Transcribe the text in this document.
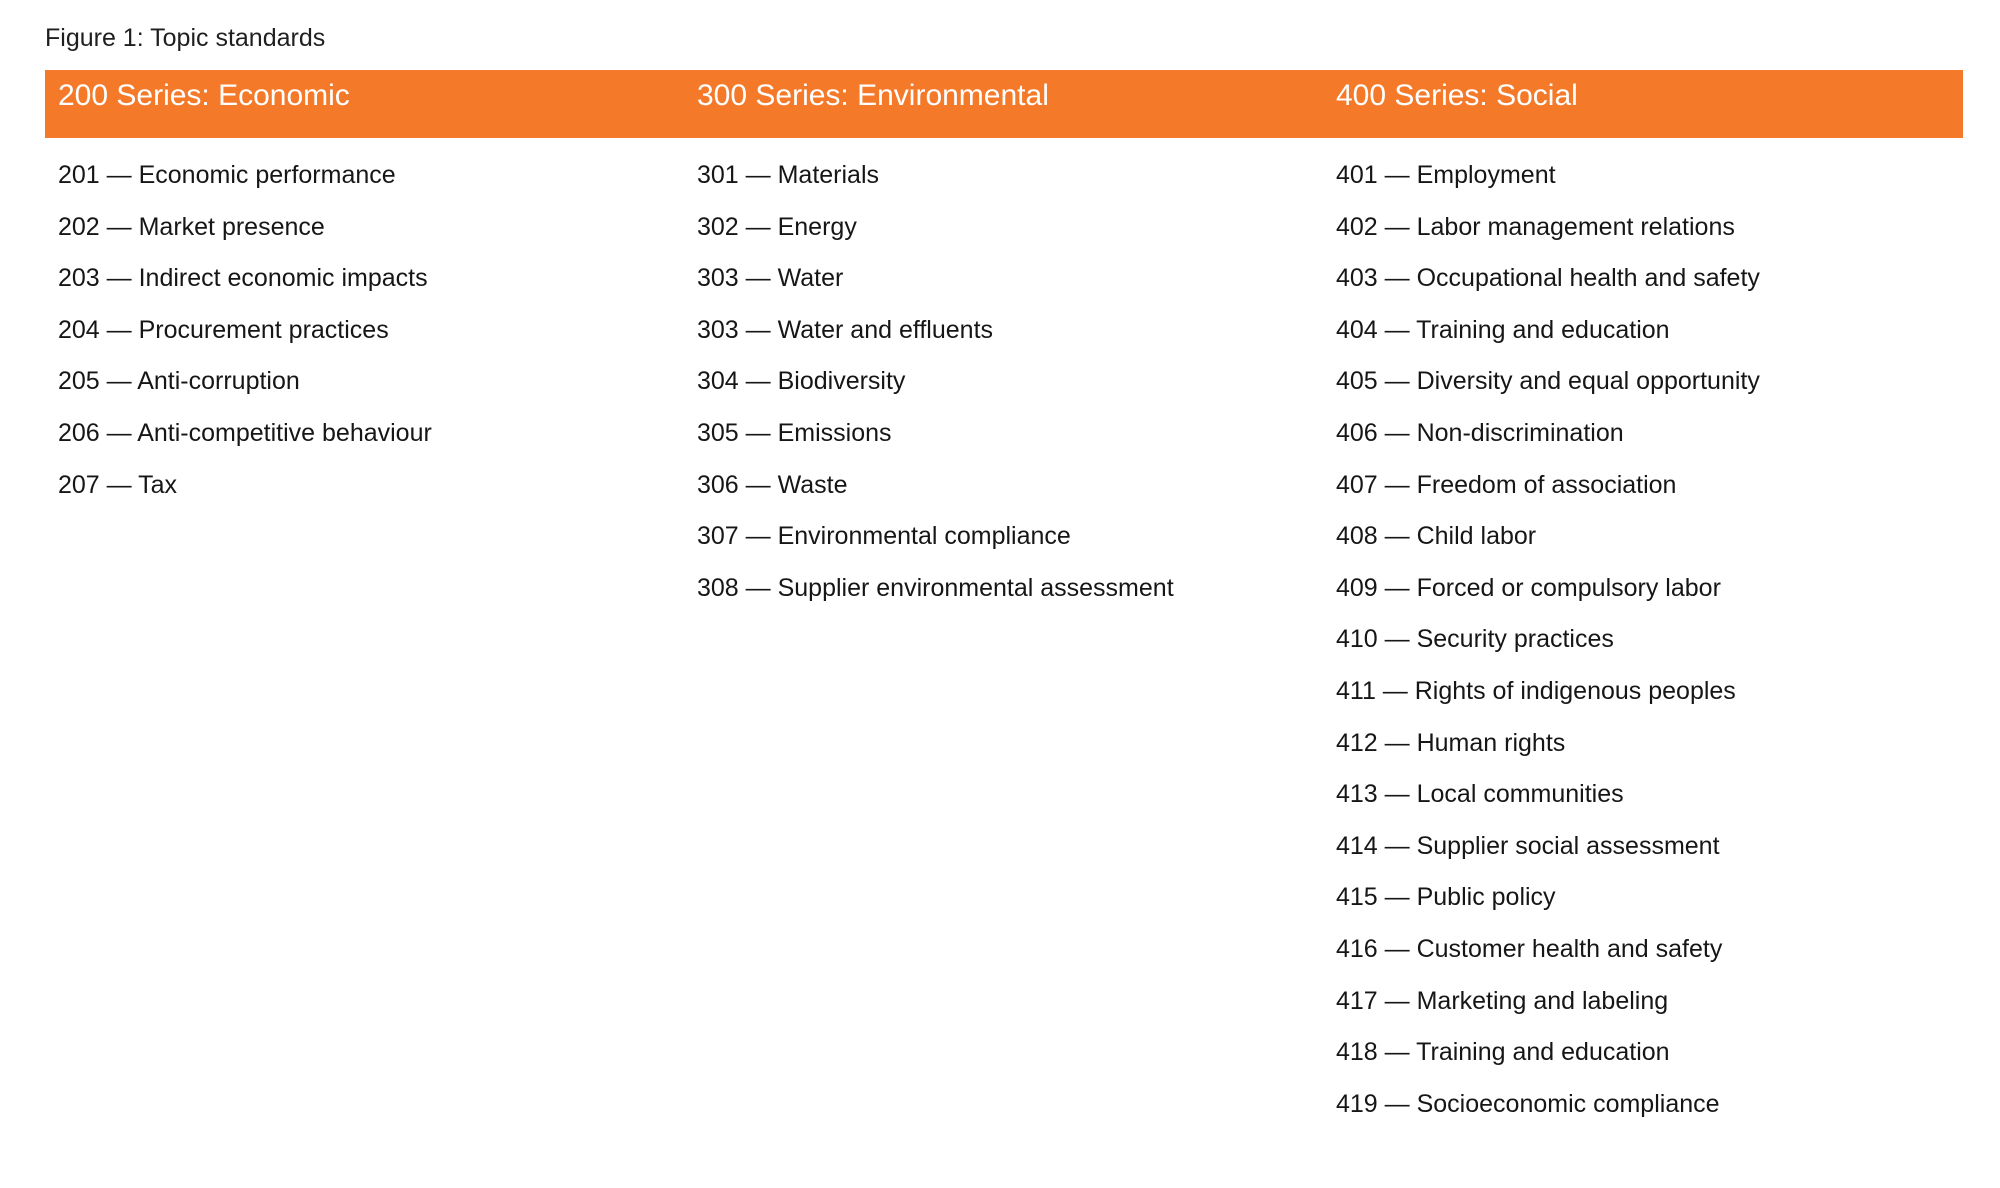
Figure 1: Topic standards
200 Series: Economic	300 Series: Environmental	400 Series: Social
201 — Economic performance
202 — Market presence
203 — Indirect economic impacts
204 — Procurement practices
205 — Anti-corruption
206 — Anti-competitive behaviour
207 — Tax
301 — Materials
302 — Energy
303 — Water
303 — Water and effluents
304 — Biodiversity
305 — Emissions
306 — Waste
307 — Environmental compliance
308 — Supplier environmental assessment
401 — Employment
402 — Labor management relations
403 — Occupational health and safety
404 — Training and education
405 — Diversity and equal opportunity
406 — Non-discrimination
407 — Freedom of association
408 — Child labor
409 — Forced or compulsory labor
410 — Security practices
411 — Rights of indigenous peoples
412 — Human rights
413 — Local communities
414 — Supplier social assessment
415 — Public policy
416 — Customer health and safety
417 — Marketing and labeling
418 — Training and education
419 — Socioeconomic compliance
